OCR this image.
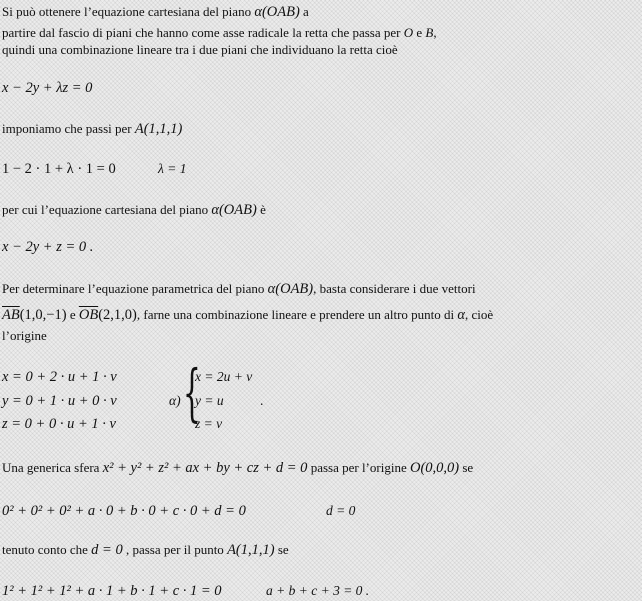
Si può ottenere l’equazione cartesiana del piano α(OAB) a
partire dal fascio di piani che hanno come asse radicale la retta che passa per O e B,
quindi una combinazione lineare tra i due piani che individuano la retta cioè
x − 2y + λz = 0
imponiamo che passi per A(1,1,1)
1 − 2 · 1 + λ · 1 = 0	λ = 1
per cui l’equazione cartesiana del piano α(OAB) è
x − 2y + z = 0 .
Per determinare l’equazione parametrica del piano α(OAB), basta considerare i due vettori
$\overline{AB}(1,0,-1)$ e $\overline{OB}(2,1,0)$, farne una combinazione lineare e prendere un altro punto di α, cioè
l’origine
x = 0 + 2 · u + 1 · v
y = 0 + 1 · u + 0 · v
z = 0 + 0 · u + 1 · v
α) {
x = 2u + v
y = u
z = v
.
Una generica sfera x² + y² + z² + ax + by + cz + d = 0 passa per l’origine O(0,0,0) se
0² + 0² + 0² + a · 0 + b · 0 + c · 0 + d = 0	d = 0
tenuto conto che d = 0 , passa per il punto A(1,1,1) se
1² + 1² + 1² + a · 1 + b · 1 + c · 1 = 0	a + b + c + 3 = 0 .
